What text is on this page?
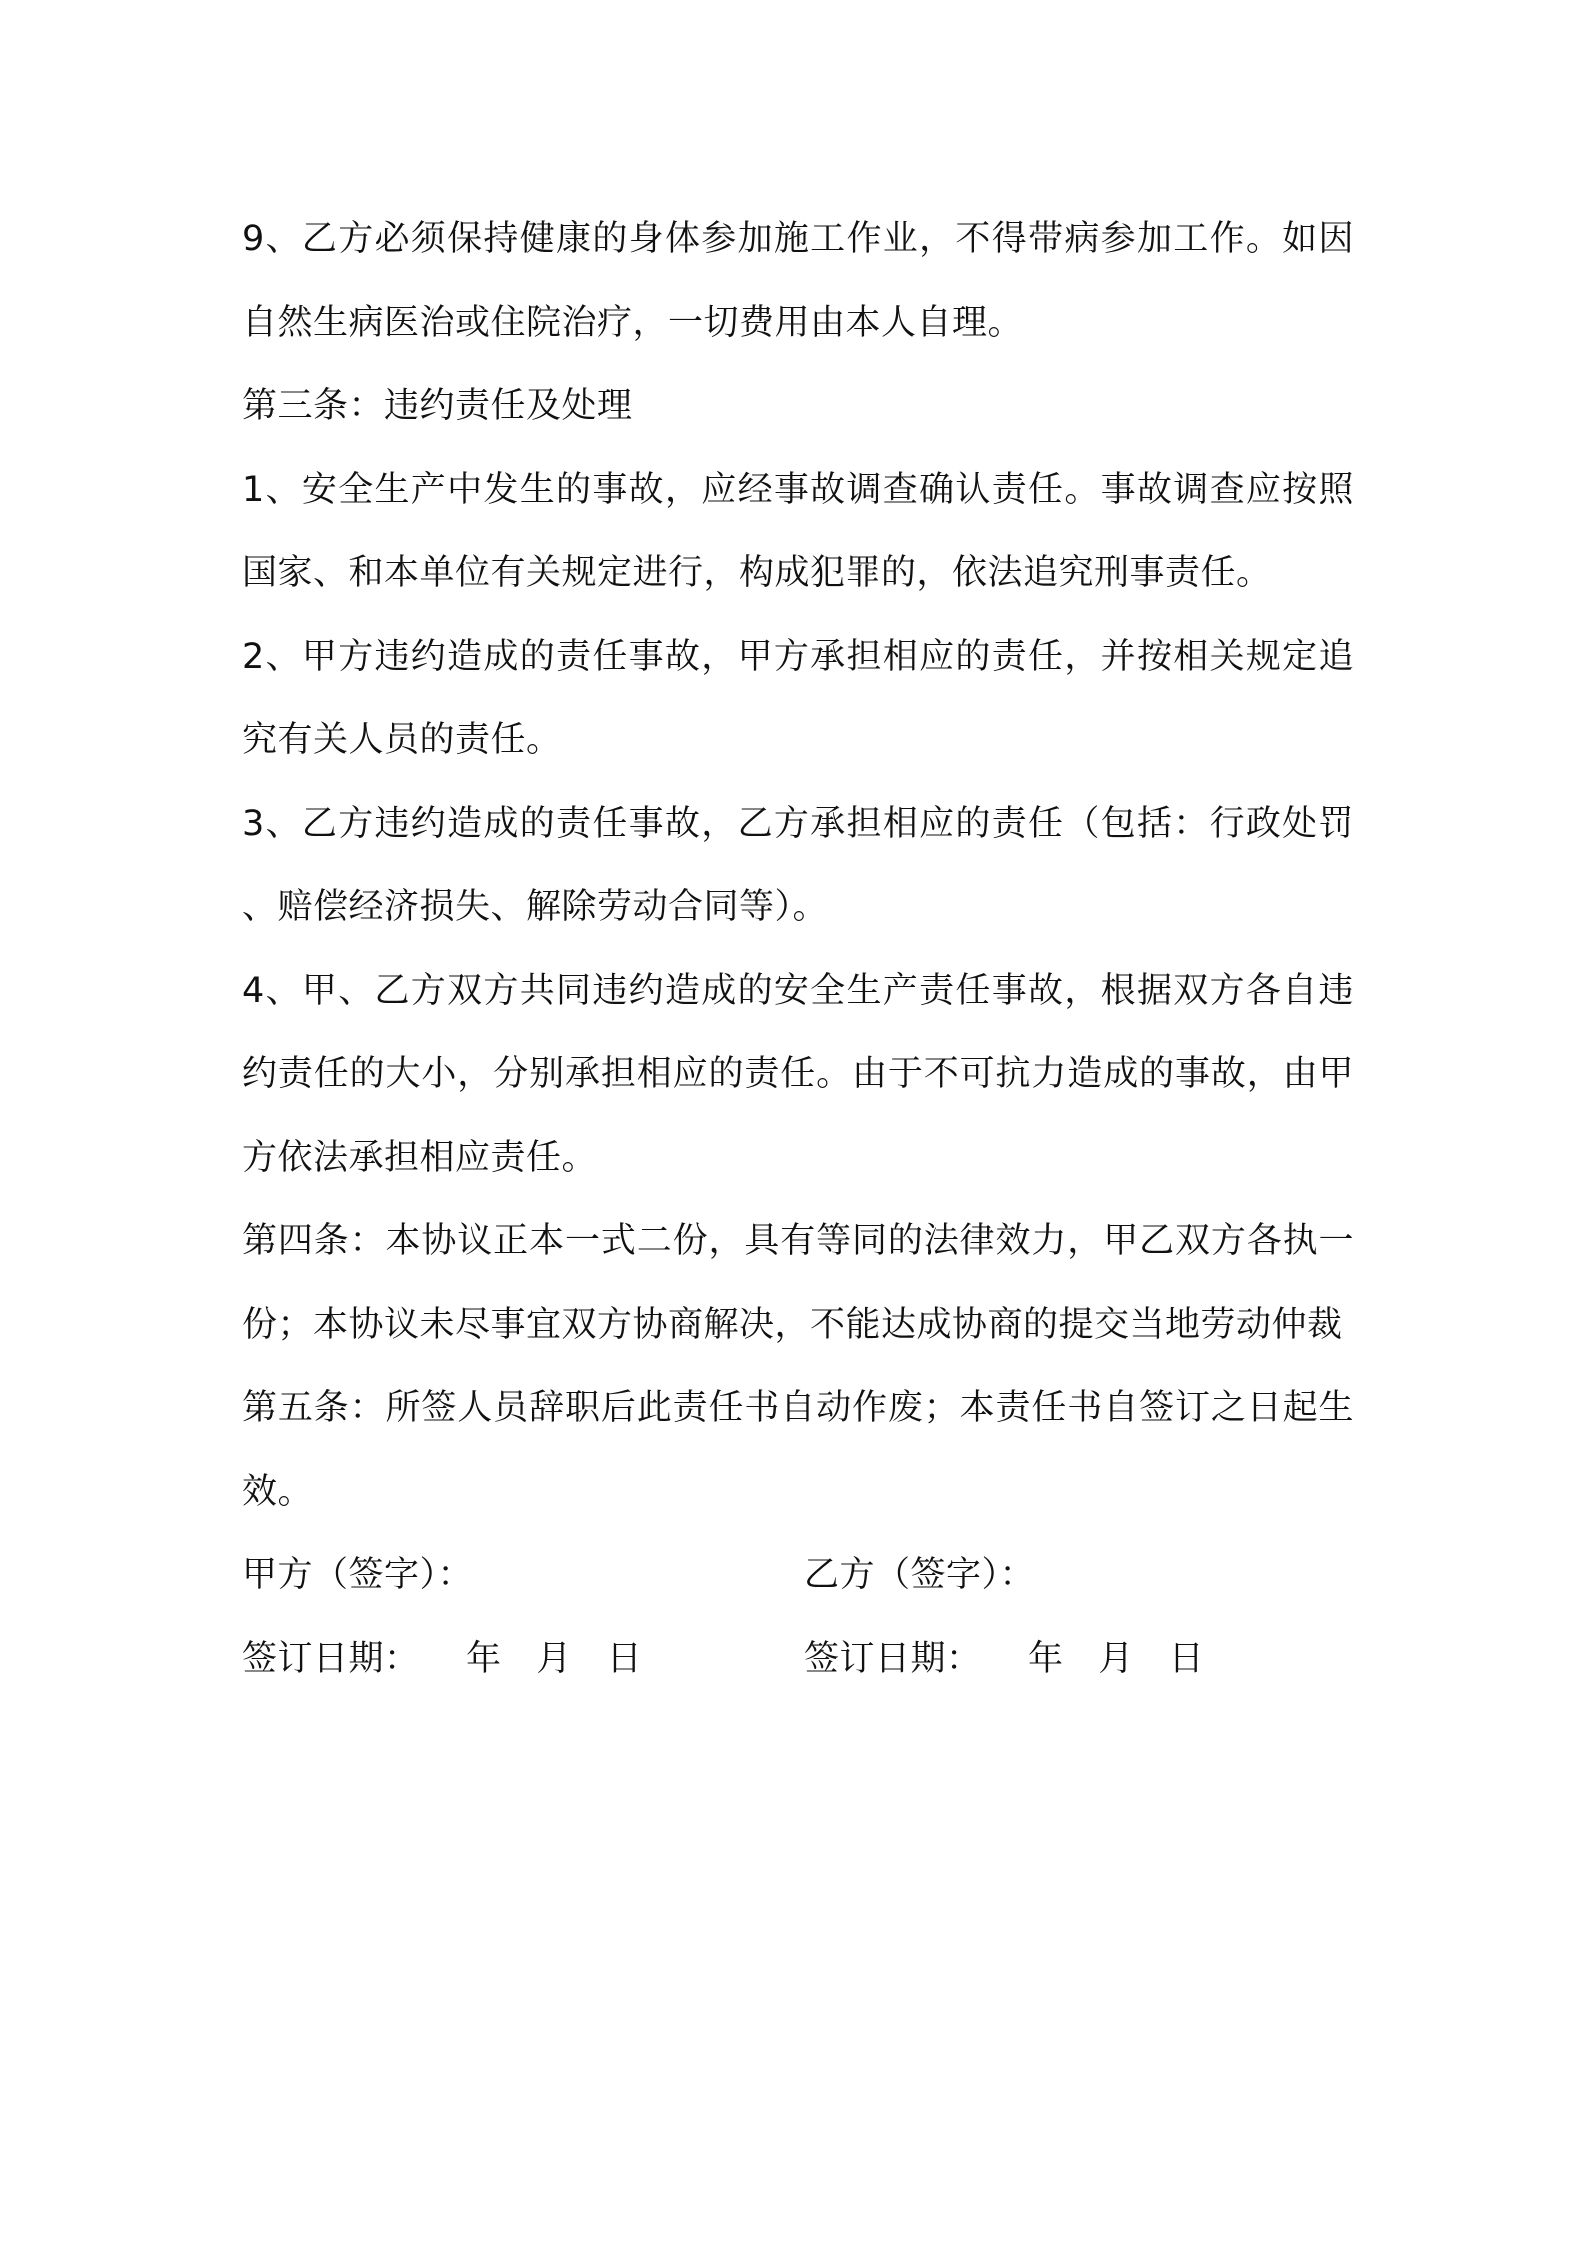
9、乙方必须保持健康的身体参加施工作业，不得带病参加工作。如因自然生病医治或住院治疗，一切费用由本人自理。

第三条：违约责任及处理

1、安全生产中发生的事故，应经事故调查确认责任。事故调查应按照国家、和本单位有关规定进行，构成犯罪的，依法追究刑事责任。

2、甲方违约造成的责任事故，甲方承担相应的责任，并按相关规定追究有关人员的责任。

3、乙方违约造成的责任事故，乙方承担相应的责任（包括：行政处罚、赔偿经济损失、解除劳动合同等）。

4、甲、乙方双方共同违约造成的安全生产责任事故，根据双方各自违约责任的大小，分别承担相应的责任。由于不可抗力造成的事故，由甲方依法承担相应责任。

第四条：本协议正本一式二份，具有等同的法律效力，甲乙双方各执一份；本协议未尽事宜双方协商解决，不能达成协商的提交当地劳动仲裁

第五条：所签人员辞职后此责任书自动作废；本责任书自签订之日起生效。

甲方（签字）：

	乙方（签字）：

签订日期：    年   月   日

	签订日期：    年   月   日
